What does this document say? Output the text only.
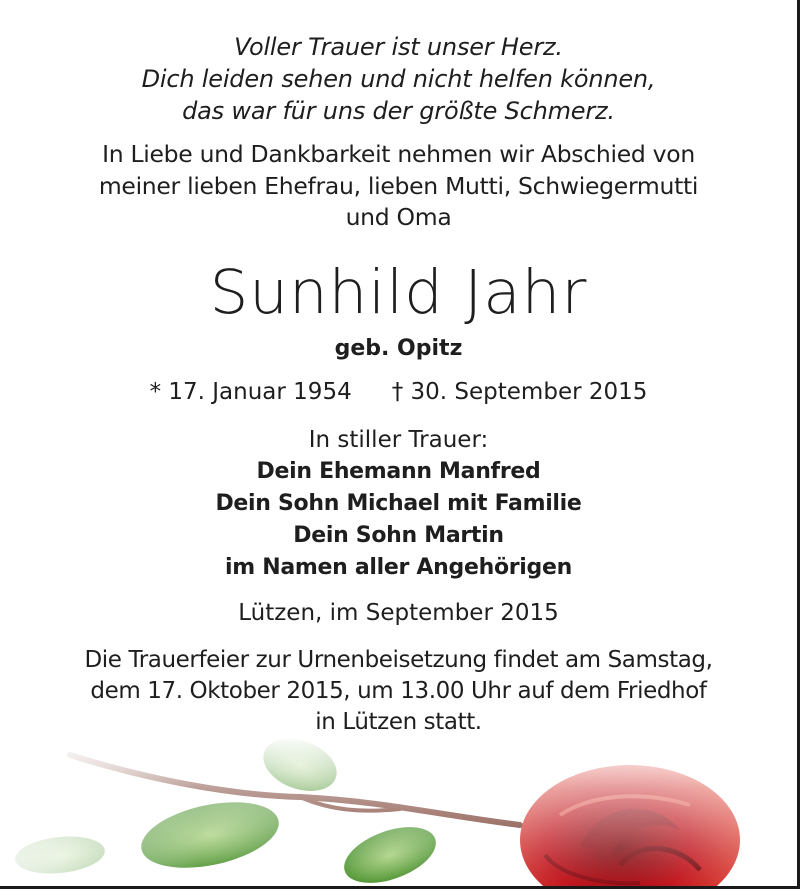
Voller Trauer ist unser Herz.
Dich leiden sehen und nicht helfen können,
das war für uns der größte Schmerz.
In Liebe und Dankbarkeit nehmen wir Abschied von
meiner lieben Ehefrau, lieben Mutti, Schwiegermutti
und Oma
Sunhild Jahr
geb. Opitz
* 17. Januar 1954 † 30. September 2015
In stiller Trauer:
Dein Ehemann Manfred
Dein Sohn Michael mit Familie
Dein Sohn Martin
im Namen aller Angehörigen
Lützen, im September 2015
Die Trauerfeier zur Urnenbeisetzung findet am Samstag,
dem 17. Oktober 2015, um 13.00 Uhr auf dem Friedhof
in Lützen statt.
